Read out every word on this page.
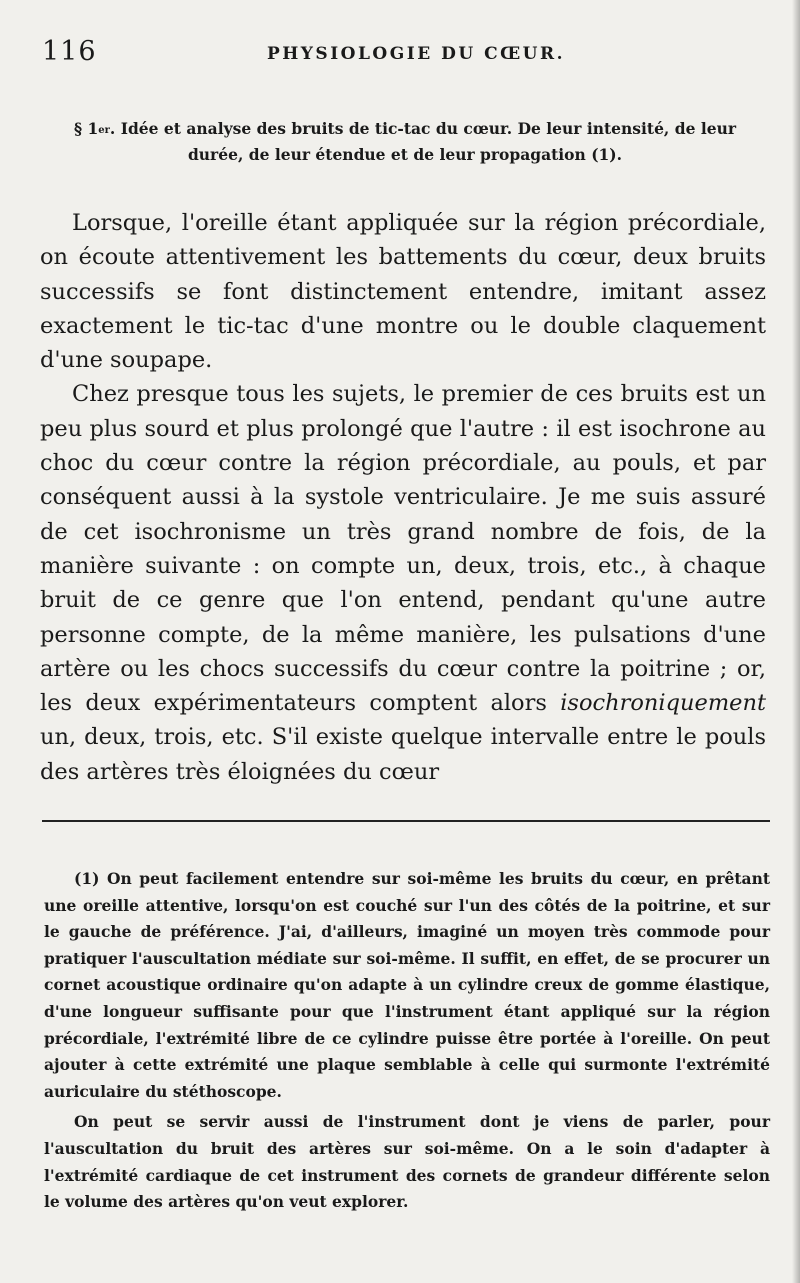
116	PHYSIOLOGIE DU CŒUR.
§ 1er. Idée et analyse des bruits de tic-tac du cœur. De leur intensité, de leur durée, de leur étendue et de leur propagation (1).

Lorsque, l'oreille étant appliquée sur la région précordiale, on écoute attentivement les battements du cœur, deux bruits successifs se font distinctement entendre, imitant assez exactement le tic-tac d'une montre ou le double claquement d'une soupape.

Chez presque tous les sujets, le premier de ces bruits est un peu plus sourd et plus prolongé que l'autre : il est isochrone au choc du cœur contre la région précordiale, au pouls, et par conséquent aussi à la systole ventriculaire. Je me suis assuré de cet isochronisme un très grand nombre de fois, de la manière suivante : on compte un, deux, trois, etc., à chaque bruit de ce genre que l'on entend, pendant qu'une autre personne compte, de la même manière, les pulsations d'une artère ou les chocs successifs du cœur contre la poitrine ; or, les deux expérimentateurs comptent alors isochroniquement un, deux, trois, etc. S'il existe quelque intervalle entre le pouls des artères très éloignées du cœur

(1) On peut facilement entendre sur soi-même les bruits du cœur, en prêtant une oreille attentive, lorsqu'on est couché sur l'un des côtés de la poitrine, et sur le gauche de préférence. J'ai, d'ailleurs, imaginé un moyen très commode pour pratiquer l'auscultation médiate sur soi-même. Il suffit, en effet, de se procurer un cornet acoustique ordinaire qu'on adapte à un cylindre creux de gomme élastique, d'une longueur suffisante pour que l'instrument étant appliqué sur la région précordiale, l'extrémité libre de ce cylindre puisse être portée à l'oreille. On peut ajouter à cette extrémité une plaque semblable à celle qui surmonte l'extrémité auriculaire du stéthoscope.

On peut se servir aussi de l'instrument dont je viens de parler, pour l'auscultation du bruit des artères sur soi-même. On a le soin d'adapter à l'extrémité cardiaque de cet instrument des cornets de grandeur différente selon le volume des artères qu'on veut explorer.
